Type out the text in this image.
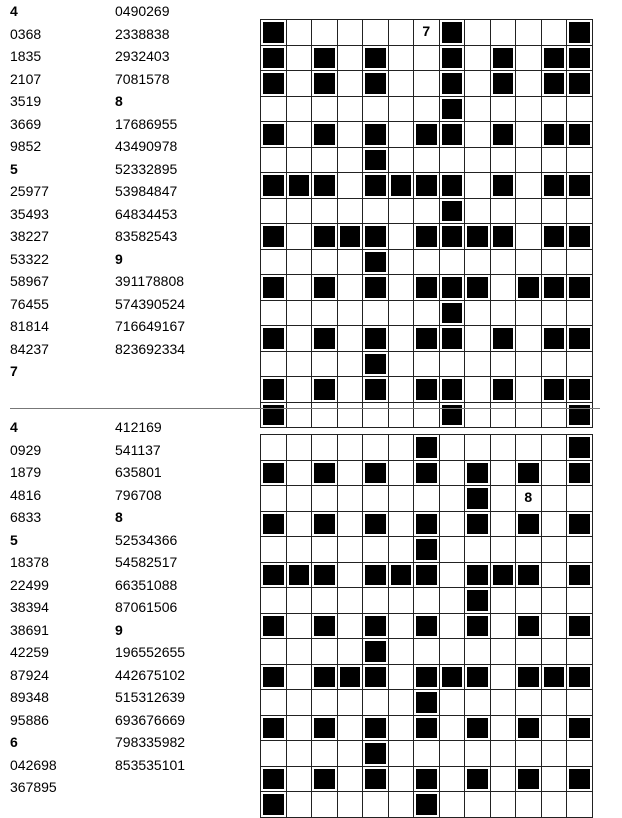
4
0368
1835
2107
3519
3669
9852
5
25977
35493
38227
53322
58967
76455
81814
84237
7
0490269
2338838
2932403
7081578
8
17686955
43490978
52332895
53984847
64834453
83582543
9
391178808
574390524
716649167
823692334
7
4
0929
1879
4816
6833
5
18378
22499
38394
38691
42259
87924
89348
95886
6
042698
367895
412169
541137
635801
796708
8
52534366
54582517
66351088
87061506
9
196552655
442675102
515312639
693676669
798335982
853535101
8
